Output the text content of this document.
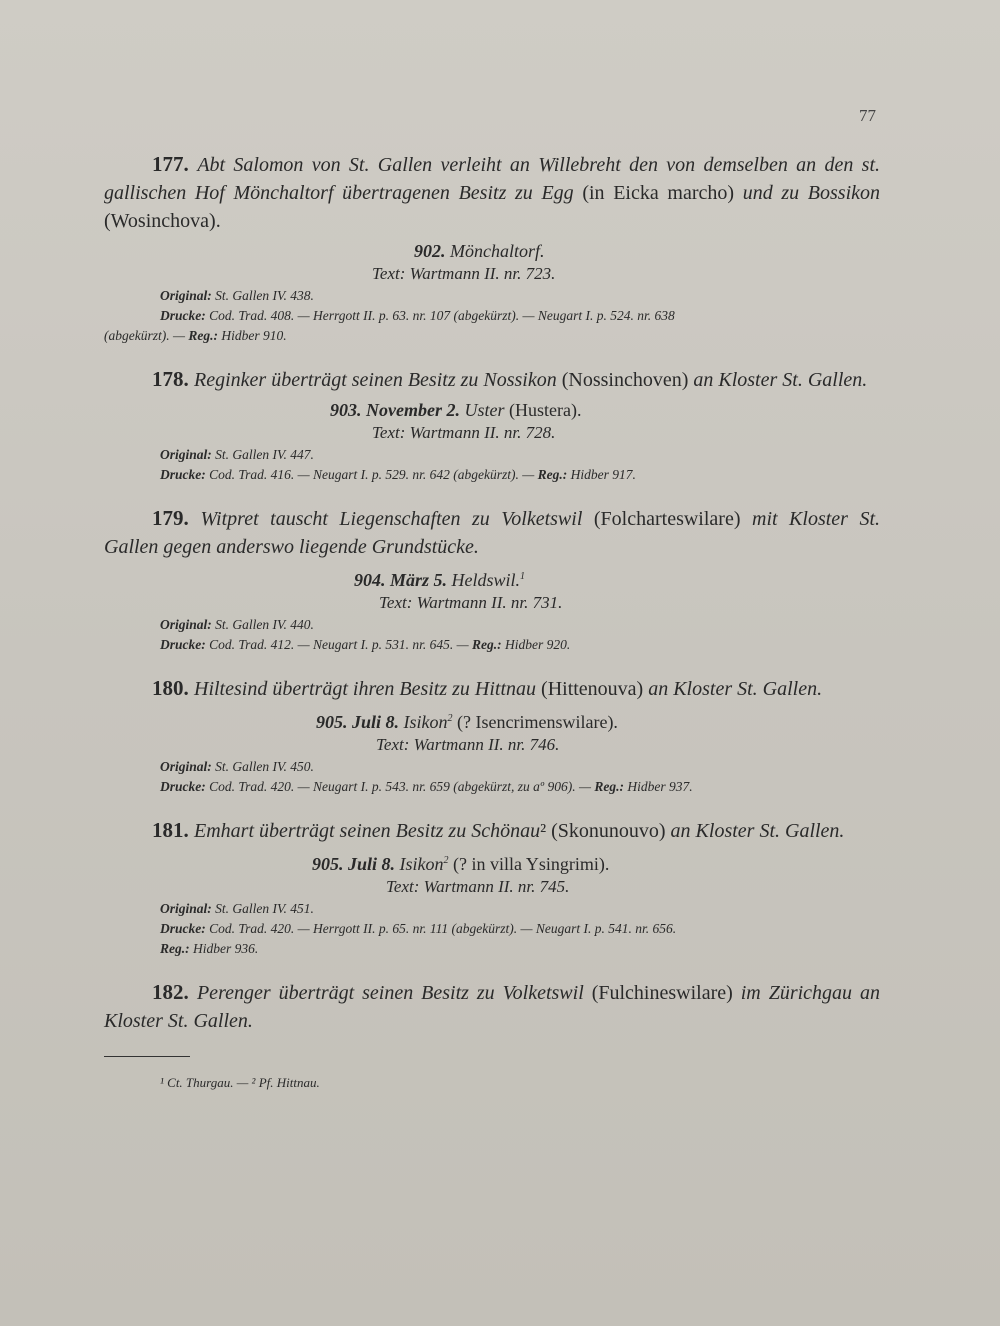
77

177. Abt Salomon von St. Gallen verleiht an Willebreht den von demselben an den st. gallischen Hof Mönchaltorf übertragenen Besitz zu Egg (in Eicka marcho) und zu Bossikon (Wosinchova).

902. Mönchaltorf.

Text: Wartmann II. nr. 723.

Original: St. Gallen IV. 438.

Drucke: Cod. Trad. 408. — Herrgott II. p. 63. nr. 107 (abgekürzt). — Neugart I. p. 524. nr. 638

(abgekürzt). — Reg.: Hidber 910.

178. Reginker überträgt seinen Besitz zu Nossikon (Nossinchoven) an Kloster St. Gallen.

903. November 2. Uster (Hustera).

Text: Wartmann II. nr. 728.

Original: St. Gallen IV. 447.

Drucke: Cod. Trad. 416. — Neugart I. p. 529. nr. 642 (abgekürzt). — Reg.: Hidber 917.

179. Witpret tauscht Liegenschaften zu Volketswil (Folcharteswilare) mit Kloster St. Gallen gegen anderswo liegende Grundstücke.

904. März 5. Heldswil.$^1$

Text: Wartmann II. nr. 731.

Original: St. Gallen IV. 440.

Drucke: Cod. Trad. 412. — Neugart I. p. 531. nr. 645. — Reg.: Hidber 920.

180. Hiltesind überträgt ihren Besitz zu Hittnau (Hittenouva) an Kloster St. Gallen.

905. Juli 8. Isikon$^2$ (? Isencrimenswilare).

Text: Wartmann II. nr. 746.

Original: St. Gallen IV. 450.

Drucke: Cod. Trad. 420. — Neugart I. p. 543. nr. 659 (abgekürzt, zu aº 906). — Reg.: Hidber 937.

181. Emhart überträgt seinen Besitz zu Schönau² (Skonunouvo) an Kloster St. Gallen.

905. Juli 8. Isikon$^2$ (? in villa Ysingrimi).

Text: Wartmann II. nr. 745.

Original: St. Gallen IV. 451.

Drucke: Cod. Trad. 420. — Herrgott II. p. 65. nr. 111 (abgekürzt). — Neugart I. p. 541. nr. 656.

Reg.: Hidber 936.

182. Perenger überträgt seinen Besitz zu Volketswil (Fulchineswilare) im Zürichgau an Kloster St. Gallen.

¹ Ct. Thurgau. — ² Pf. Hittnau.
